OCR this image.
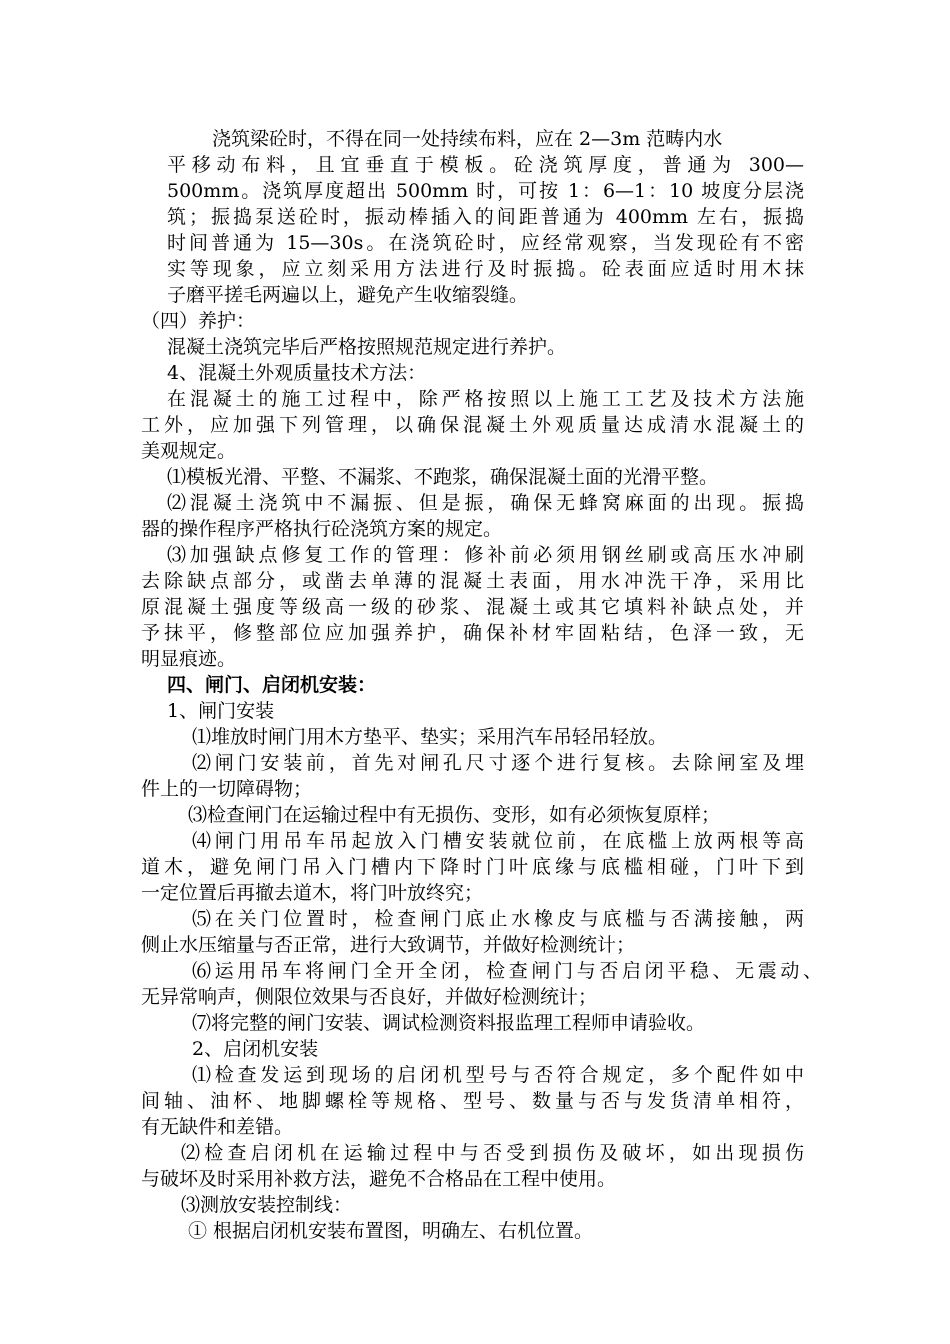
浇筑梁砼时，不得在同一处持续布料，应在 2—3m 范畴内水

平移动布料，且宜垂直于模板。砼浇筑厚度，普通为 300—

500mm。浇筑厚度超出 500mm 时，可按 1：6—1：10 坡度分层浇

筑；振捣泵送砼时，振动棒插入的间距普通为 400mm 左右，振捣

时间普通为 15—30s。在浇筑砼时，应经常观察，当发现砼有不密

实等现象，应立刻采用方法进行及时振捣。砼表面应适时用木抹

子磨平搓毛两遍以上，避免产生收缩裂缝。

（四）养护：

混凝土浇筑完毕后严格按照规范规定进行养护。

4、混凝土外观质量技术方法：

在混凝土的施工过程中，除严格按照以上施工工艺及技术方法施

工外，应加强下列管理，以确保混凝土外观质量达成清水混凝土的

美观规定。

⑴模板光滑、平整、不漏浆、不跑浆，确保混凝土面的光滑平整。

⑵混凝土浇筑中不漏振、但是振，确保无蜂窝麻面的出现。振捣

器的操作程序严格执行砼浇筑方案的规定。

⑶加强缺点修复工作的管理：修补前必须用钢丝刷或高压水冲刷

去除缺点部分，或凿去单薄的混凝土表面，用水冲洗干净，采用比

原混凝土强度等级高一级的砂浆、混凝土或其它填料补缺点处，并

予抹平，修整部位应加强养护，确保补材牢固粘结，色泽一致，无

明显痕迹。

四、闸门、启闭机安装：

1、闸门安装

⑴堆放时闸门用木方垫平、垫实；采用汽车吊轻吊轻放。

⑵闸门安装前，首先对闸孔尺寸逐个进行复核。去除闸室及埋

件上的一切障碍物；

⑶检查闸门在运输过程中有无损伤、变形，如有必须恢复原样；

⑷闸门用吊车吊起放入门槽安装就位前，在底槛上放两根等高

道木，避免闸门吊入门槽内下降时门叶底缘与底槛相碰，门叶下到

一定位置后再撤去道木，将门叶放终究；

⑸在关门位置时，检查闸门底止水橡皮与底槛与否满接触，两

侧止水压缩量与否正常，进行大致调节，并做好检测统计；

⑹运用吊车将闸门全开全闭，检查闸门与否启闭平稳、无震动、

无异常响声，侧限位效果与否良好，并做好检测统计；

⑺将完整的闸门安装、调试检测资料报监理工程师申请验收。

2、启闭机安装

⑴检查发运到现场的启闭机型号与否符合规定，多个配件如中

间轴、油杯、地脚螺栓等规格、型号、数量与否与发货清单相符，

有无缺件和差错。

⑵检查启闭机在运输过程中与否受到损伤及破坏，如出现损伤

与破坏及时采用补救方法，避免不合格品在工程中使用。

⑶测放安装控制线：

① 根据启闭机安装布置图，明确左、右机位置。
